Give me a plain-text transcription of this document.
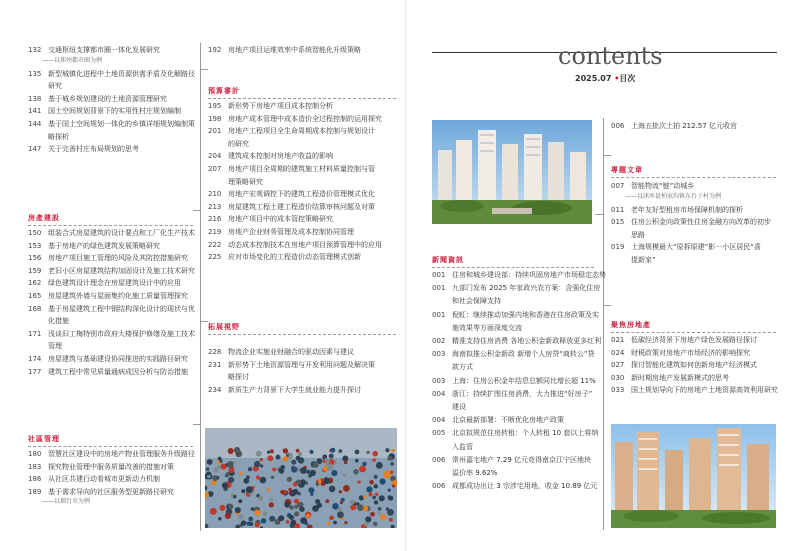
contents
2025.07 •目次
132 交通枢纽支撑都市圈一体化发展研究
——以郑州都市圈为例
135 新型城镇化进程中土地资源供需矛盾及化解路径
研究
138 基于城乡规划建设的土地资源管理研究
141 国土空间规划背景下的实用性村庄规划编制
144 基于国土空间规划一体化的乡镇详细规划编制策
略探析
147 关于完善村庄布局规划的思考
房產建設
150 组装合式房屋建筑的设计要点和工厂化生产技术
153 基于房地产的绿色建筑发展策略研究
156 房地产项目施工管理的风险及其防控措施研究
159 老旧小区房屋建筑结构加固设计及施工技术研究
162 绿色建筑设计理念在房屋建筑设计中的应用
165 房屋建筑外墙与屋面集约化施工质量管理探究
168 基于房屋建筑工程中钢结构深化设计的现状与优
化措施
171 浅谈旧工梅特别市政府大楼保护修缮及施工技术
管理
174 房屋建筑与基础建设协同推进的实践路径研究
177 建筑工程中常见质量通病成因分析与防治措施
社區管理
180 智慧社区建设中的房地产物业管理服务升级路径
183 探究物业管理中服务质量改善的措施对策
186 从社区共建行动看城市更新动力机制
189 基于需求导向的社区服务型更新路径研究
——以烟台市为例
192 房地产项目运维效率中系统智能化升级策略
預算審計
195 新形势下房地产项目成本控制分析
198 房地产成本管理中成本造价全过程控制的运用探究
201 房地产工程项目全生命周期成本控制与规划设计
的研究
204 建筑成本控制对房地产收益的影响
207 房地产项目全周期的建筑施工材料质量控制与管
理策略研究
210 房地产宏观调控下的建筑工程造价管理模式优化
213 房屋建筑工程土建工程造价结算审核问题及对策
216 房地产项目中的成本管控策略研究
219 房地产企业财务管理及成本控制协同管理
222 动态成本控制技术在房地产项目预算管理中的应用
225 应对市场变化的工程造价动态管理模式创新
拓展視野
228 物流企业实施业财融合的驱动因素与建议
231 新形势下土地资源管理与开发利用问题及解决策
略探讨
234 新质生产力背景下大学生就业能力提升探讨
新聞資訊
001 住房和城乡建设部：持续巩固房地产市场稳定态势
001 九部门发布 2025 年家政兴农方案：含强化住房
和社会保障支持
001 倪虹：继续推动加强内地和香港在住房政策及实
施效果等方面深度交流
002 精准支持住房消费 各地公积金新政释放更多红利
003 海南拟推公积金新政 新增个人房贷“商转公”贷
款方式
003 上海：住房公积金年结息总额同比增长超 11%
004 浙江：持续扩围住房消费，大力推进“好房子”
建设
004 北京最新部署：不断优化房地产政策
005 北京拟规范住房转租：个人转租 10 套以上将纳
入监管
006 常州嘉宅地产 7.29 亿元竞得南京江宁区地块
溢价率 9.62%
006 成都成功出让 3 宗涉宅用地，收金 10.89 亿元
006 上海五批次土拍 212.57 亿元收官
專題文章
007 智能物流“链”动城乡
——以沭库县柏家沟镇东台子村为例
011 老年友好型租房市场保障机制的探析
015 住房公积金向政策性住房金融方向改革的初步
思路
019 上海规模最大“原拆原建”影一小区居民“喜
提新家”
聚焦房地產
021 低碳经济背景下房地产绿色发展路径探讨
024 财税政策对房地产市场经济的影响探究
027 探讨智能化建筑如何创新房地产经济模式
030 新时期房地产发展新模式的思考
033 国土规划导向下的房地产土地资源高效利用研究
